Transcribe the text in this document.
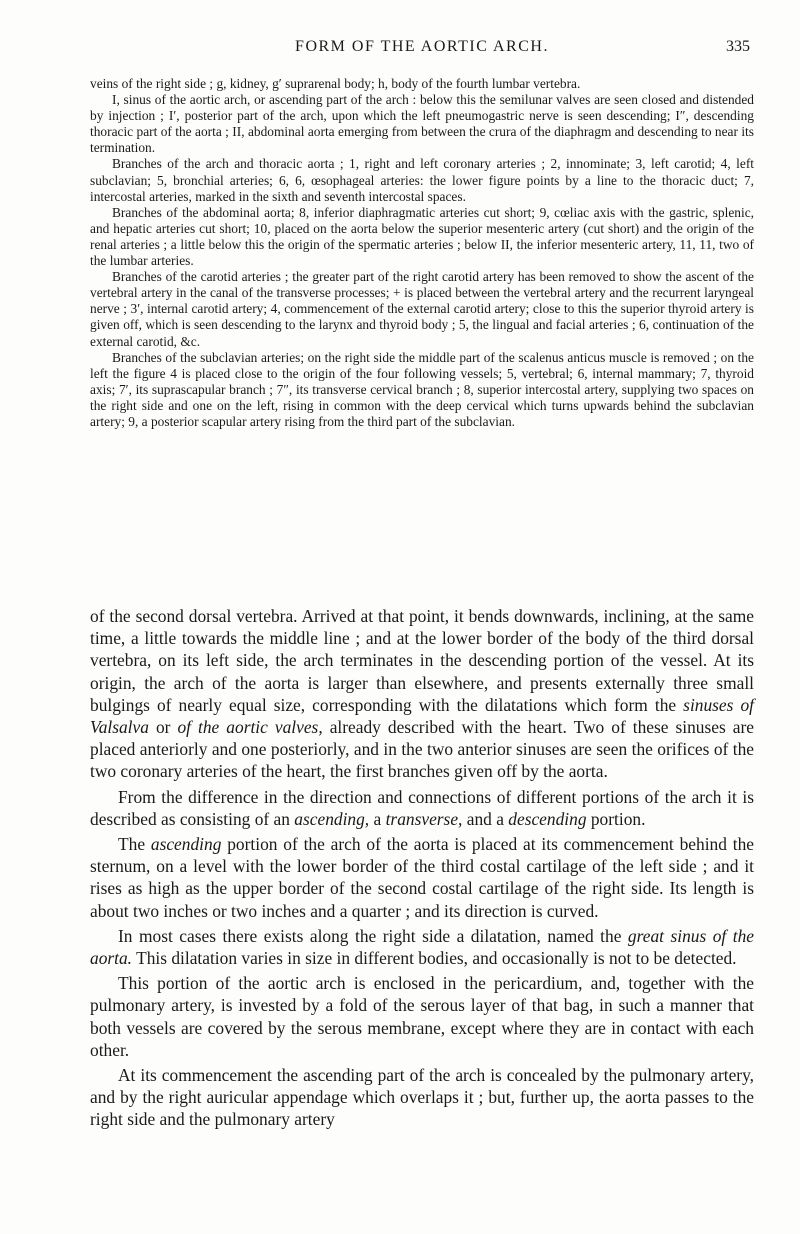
FORM OF THE AORTIC ARCH.	335

veins of the right side ; g, kidney, g′ suprarenal body; h, body of the fourth lumbar vertebra.

I, sinus of the aortic arch, or ascending part of the arch : below this the semilunar valves are seen closed and distended by injection ; I′, posterior part of the arch, upon which the left pneumogastric nerve is seen descending; I″, descending thoracic part of the aorta ; II, abdominal aorta emerging from between the crura of the diaphragm and descending to near its termination.

Branches of the arch and thoracic aorta ; 1, right and left coronary arteries ; 2, innominate; 3, left carotid; 4, left subclavian; 5, bronchial arteries; 6, 6, œsophageal arteries: the lower figure points by a line to the thoracic duct; 7, intercostal arteries, marked in the sixth and seventh intercostal spaces.

Branches of the abdominal aorta; 8, inferior diaphragmatic arteries cut short; 9, cœliac axis with the gastric, splenic, and hepatic arteries cut short; 10, placed on the aorta below the superior mesenteric artery (cut short) and the origin of the renal arteries ; a little below this the origin of the spermatic arteries ; below II, the inferior mesenteric artery, 11, 11, two of the lumbar arteries.

Branches of the carotid arteries ; the greater part of the right carotid artery has been removed to show the ascent of the vertebral artery in the canal of the transverse processes; + is placed between the vertebral artery and the recurrent laryngeal nerve ; 3′, internal carotid artery; 4, commencement of the external carotid artery; close to this the superior thyroid artery is given off, which is seen descending to the larynx and thyroid body ; 5, the lingual and facial arteries ; 6, continuation of the external carotid, &c.

Branches of the subclavian arteries; on the right side the middle part of the scalenus anticus muscle is removed ; on the left the figure 4 is placed close to the origin of the four following vessels; 5, vertebral; 6, internal mammary; 7, thyroid axis; 7′, its suprascapular branch ; 7″, its transverse cervical branch ; 8, superior intercostal artery, supplying two spaces on the right side and one on the left, rising in common with the deep cervical which turns upwards behind the subclavian artery; 9, a posterior scapular artery rising from the third part of the subclavian.

of the second dorsal vertebra. Arrived at that point, it bends downwards, inclining, at the same time, a little towards the middle line ; and at the lower border of the body of the third dorsal vertebra, on its left side, the arch terminates in the descending portion of the vessel. At its origin, the arch of the aorta is larger than elsewhere, and presents externally three small bulgings of nearly equal size, corresponding with the dilatations which form the sinuses of Valsalva or of the aortic valves, already described with the heart. Two of these sinuses are placed anteriorly and one posteriorly, and in the two anterior sinuses are seen the orifices of the two coronary arteries of the heart, the first branches given off by the aorta.

From the difference in the direction and connections of different portions of the arch it is described as consisting of an ascending, a transverse, and a descending portion.

The ascending portion of the arch of the aorta is placed at its commencement behind the sternum, on a level with the lower border of the third costal cartilage of the left side ; and it rises as high as the upper border of the second costal cartilage of the right side. Its length is about two inches or two inches and a quarter ; and its direction is curved.

In most cases there exists along the right side a dilatation, named the great sinus of the aorta. This dilatation varies in size in different bodies, and occasionally is not to be detected.

This portion of the aortic arch is enclosed in the pericardium, and, together with the pulmonary artery, is invested by a fold of the serous layer of that bag, in such a manner that both vessels are covered by the serous membrane, except where they are in contact with each other.

At its commencement the ascending part of the arch is concealed by the pulmonary artery, and by the right auricular appendage which overlaps it ; but, further up, the aorta passes to the right side and the pulmonary artery
